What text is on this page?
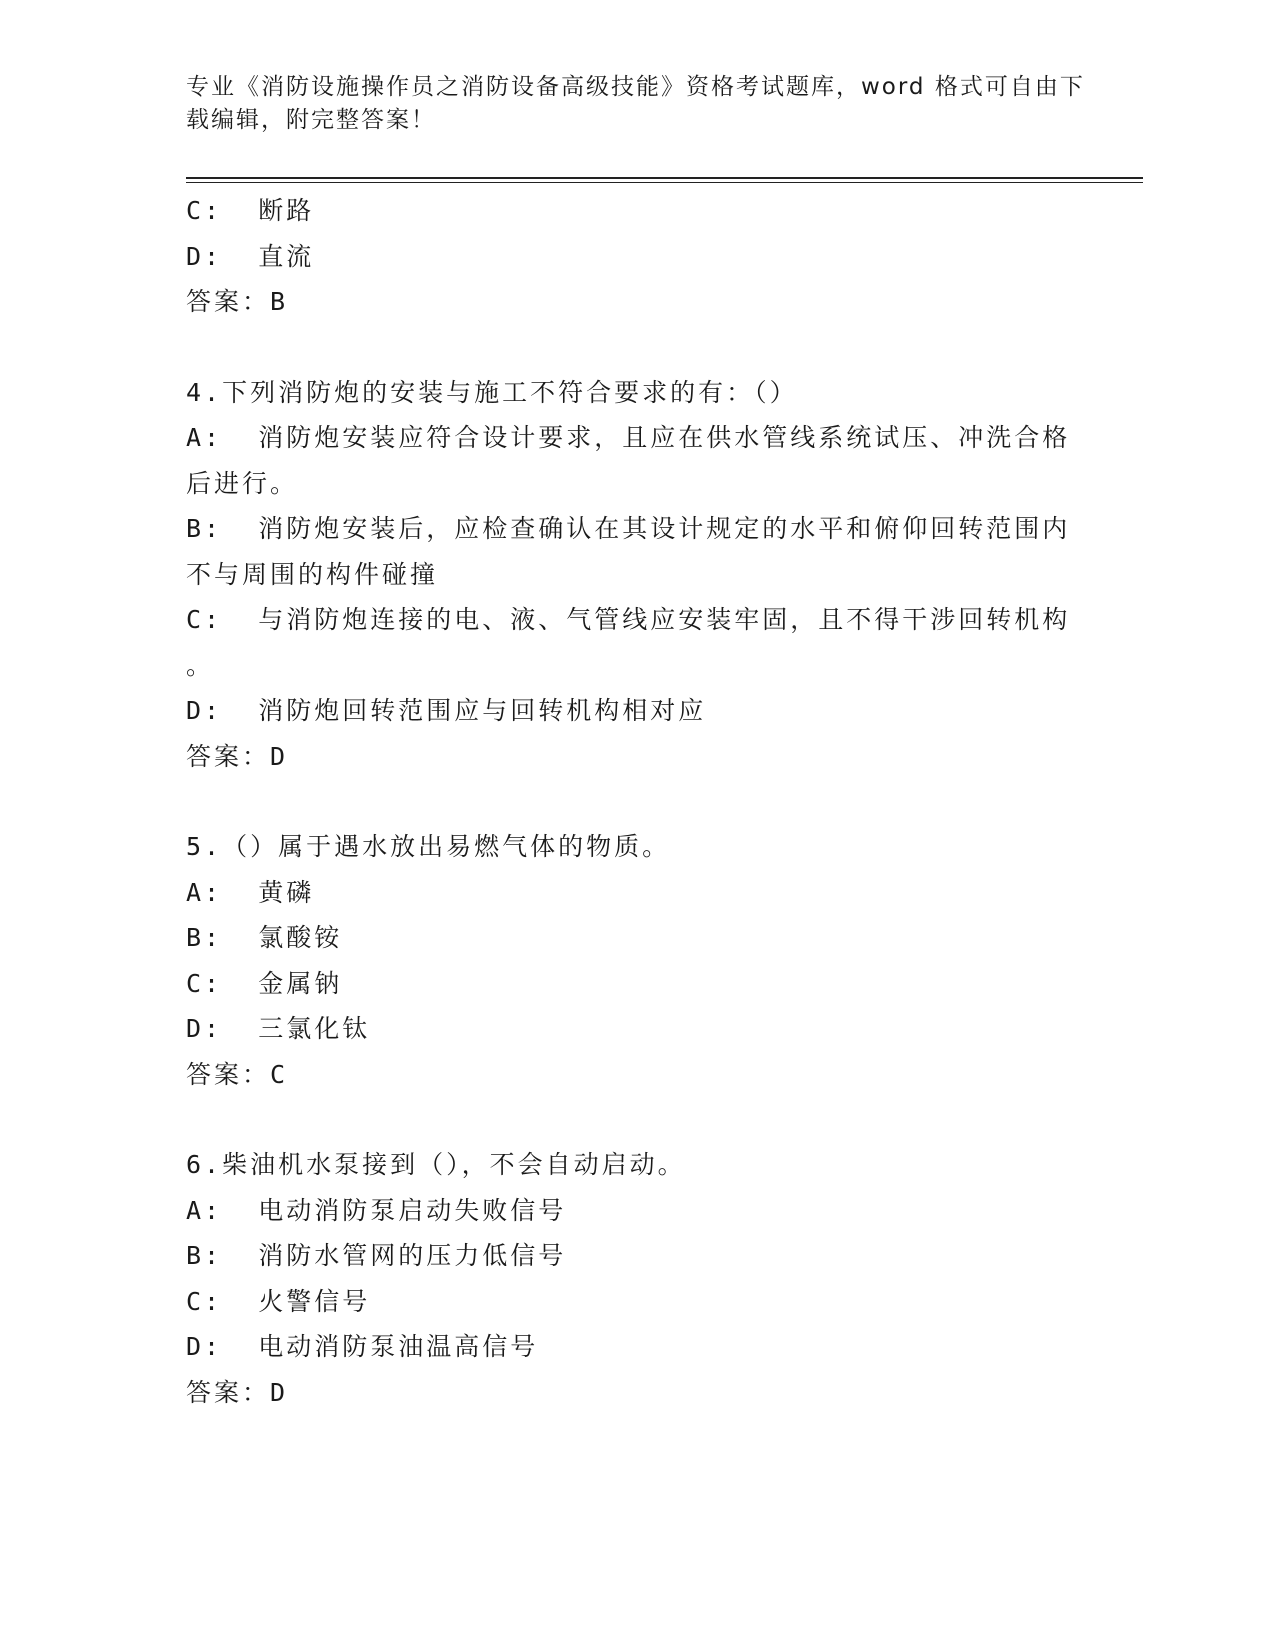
专业《消防设施操作员之消防设备高级技能》资格考试题库，word 格式可自由下
载编辑，附完整答案！
C:  断路
D:  直流
答案：B
4.下列消防炮的安装与施工不符合要求的有：（）
A:  消防炮安装应符合设计要求，且应在供水管线系统试压、冲洗合格
后进行。
B:  消防炮安装后，应检查确认在其设计规定的水平和俯仰回转范围内
不与周围的构件碰撞
C:  与消防炮连接的电、液、气管线应安装牢固，且不得干涉回转机构
。
D:  消防炮回转范围应与回转机构相对应
答案：D
5.（）属于遇水放出易燃气体的物质。
A:  黄磷
B:  氯酸铵
C:  金属钠
D:  三氯化钛
答案：C
6.柴油机水泵接到（），不会自动启动。
A:  电动消防泵启动失败信号
B:  消防水管网的压力低信号
C:  火警信号
D:  电动消防泵油温高信号
答案：D
